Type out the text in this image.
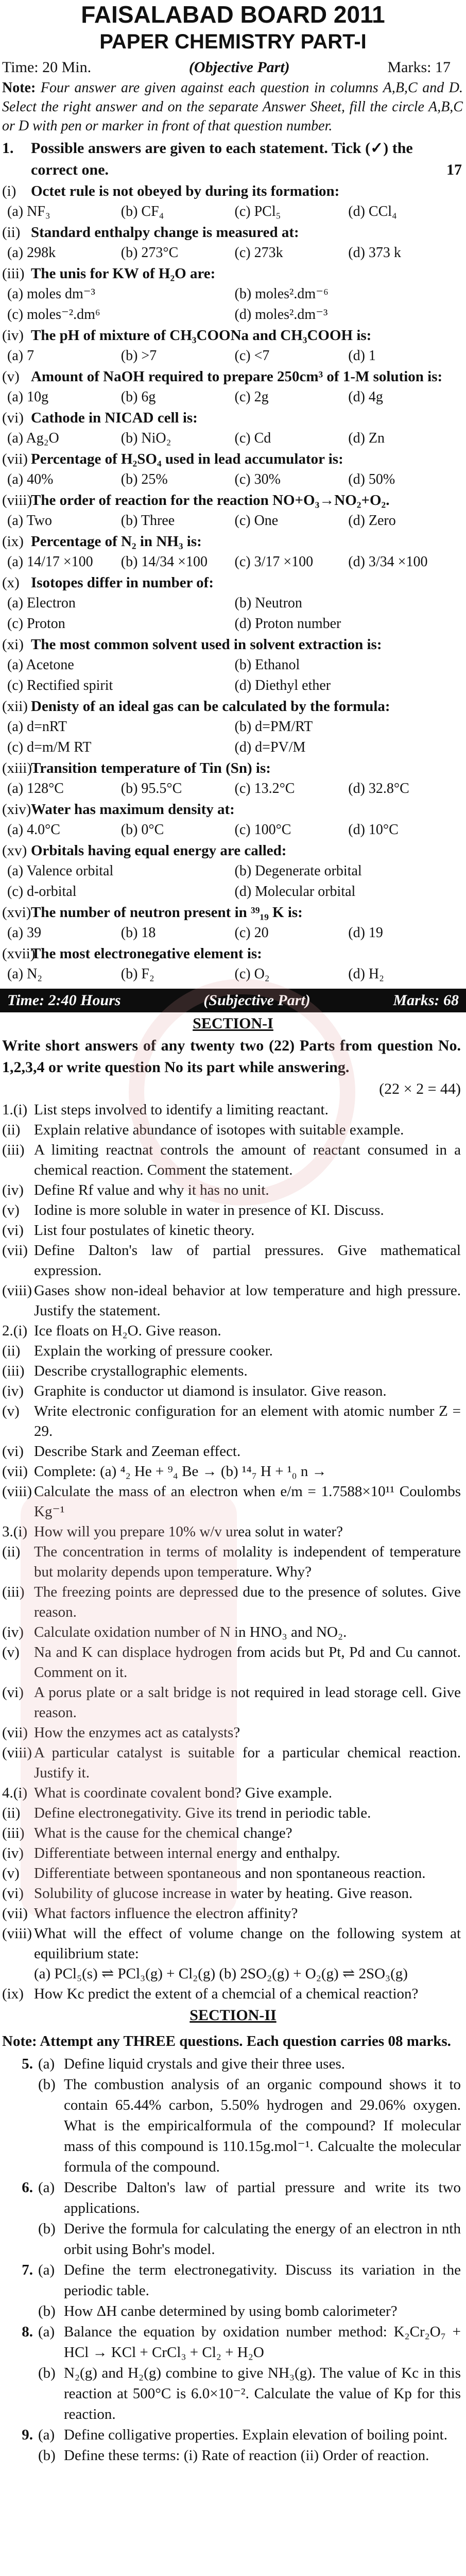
FAISALABAD BOARD 2011
PAPER CHEMISTRY PART-I
Time: 20 Min.	(Objective Part)	Marks: 17
Note: Four answer are given against each question in columns A,B,C and D. Select the right answer and on the separate Answer Sheet, fill the circle A,B,C or D with pen or marker in front of that question number.
1.	Possible answers are given to each statement. Tick (✓) the correct one.	17
(i) Octet rule is not obeyed by during its formation:
(a) NF₃	(b) CF₄	(c) PCl₅	(d) CCl₄
(ii) Standard enthalpy change is measured at:
(a) 298k	(b) 273°C	(c) 273k	(d) 373 k
(iii) The unis for KW of H₂O are:
(a) moles dm⁻³	(b) moles².dm⁻⁶
(c) moles⁻².dm⁶	(d) moles².dm⁻³
(iv) The pH of mixture of CH₃COONa and CH₃COOH is:
(a) 7	(b) >7	(c) <7	(d) 1
(v) Amount of NaOH required to prepare 250cm³ of 1-M solution is:
(a) 10g	(b) 6g	(c) 2g	(d) 4g
(vi) Cathode in NICAD cell is:
(a) Ag₂O	(b) NiO₂	(c) Cd	(d) Zn
(vii) Percentage of H₂SO₄ used in lead accumulator is:
(a) 40%	(b) 25%	(c) 30%	(d) 50%
(viii)
The order of reaction for the reaction NO+O₃→NO₂+O₂.
(a) Two	(b) Three	(c) One	(d) Zero
(ix) Percentage of N₂ in NH₃ is:
(a) 14/17 ×100	(b) 14/34 ×100	(c) 3/17 ×100	(d) 3/34 ×100
(x) Isotopes differ in number of:
(a) Electron	(b) Neutron
(c) Proton	(d) Proton number
(xi) The most common solvent used in solvent extraction is:
(a) Acetone	(b) Ethanol
(c) Rectified spirit	(d) Diethyl ether
(xii) Denisty of an ideal gas can be calculated by the formula:
(a) d=nRT	(b) d=PM/RT
(c) d=m/M RT	(d) d=PV/M
(xiii)
Transition temperature of Tin (Sn) is:
(a) 128°C	(b) 95.5°C	(c) 13.2°C	(d) 32.8°C
(xiv) Water has maximum density at:
(a) 4.0°C	(b) 0°C	(c) 100°C	(d) 10°C
(xv) Orbitals having equal energy are called:
(a) Valence orbital	(b) Degenerate orbital
(c) d-orbital	(d) Molecular orbital
(xvi) The number of neutron present in ³⁹₁₉ K is:
(a) 39	(b) 18	(c) 20	(d) 19
(xvii)
The most electronegative element is:
(a) N₂	(b) F₂	(c) O₂	(d) H₂
Time: 2:40 Hours	(Subjective Part)	Marks: 68
SECTION-I
Write short answers of any twenty two (22) Parts from question No. 1,2,3,4 or write question No its part while answering.
(22 × 2 = 44)
1.(i) List steps involved to identify a limiting reactant.
(ii) Explain relative abundance of isotopes with suitable example.
(iii) A limiting reactnat controls the amount of reactant consumed in a chemical reaction. Comment the statement.
(iv) Define Rf value and why it has no unit.
(v) Iodine is more soluble in water in presence of KI. Discuss.
(vi) List four postulates of kinetic theory.
(vii) Define Dalton's law of partial pressures. Give mathematical expression.
(viii) Gases show non-ideal behavior at low temperature and high pressure. Justify the statement.
2.(i) Ice floats on H₂O. Give reason.
(ii) Explain the working of pressure cooker.
(iii) Describe crystallographic elements.
(iv) Graphite is conductor ut diamond is insulator. Give reason.
(v) Write electronic configuration for an element with atomic number Z = 29.
(vi) Describe Stark and Zeeman effect.
(vii) Complete: (a) ⁴₂ He + ⁹₄ Be → (b) ¹⁴₇ H + ¹₀ n →
(viii) Calculate the mass of an electron when e/m = 1.7588×10¹¹ Coulombs Kg⁻¹
3.(i) How will you prepare 10% w/v urea solut in water?
(ii) The concentration in terms of molality is independent of temperature but molarity depends upon temperature. Why?
(iii) The freezing points are depressed due to the presence of solutes. Give reason.
(iv) Calculate oxidation number of N in HNO₃ and NO₂.
(v) Na and K can displace hydrogen from acids but Pt, Pd and Cu cannot. Comment on it.
(vi) A porus plate or a salt bridge is not required in lead storage cell. Give reason.
(vii) How the enzymes act as catalysts?
(viii) A particular catalyst is suitable for a particular chemical reaction. Justify it.
4.(i) What is coordinate covalent bond? Give example.
(ii) Define electronegativity. Give its trend in periodic table.
(iii) What is the cause for the chemical change?
(iv) Differentiate between internal energy and enthalpy.
(v) Differentiate between spontaneous and non spontaneous reaction.
(vi) Solubility of glucose increase in water by heating. Give reason.
(vii) What factors influence the electron affinity?
(viii) What will the effect of volume change on the following system at equilibrium state:
(a) PCl₅(s) ⇌ PCl₃(g) + Cl₂(g) (b) 2SO₂(g) + O₂(g) ⇌ 2SO₃(g)
(ix) How Kc predict the extent of a chemcial of a chemical reaction?
SECTION-II
Note: Attempt any THREE questions. Each question carries 08 marks.
5. (a) Define liquid crystals and give their three uses.
(b) The combustion analysis of an organic compound shows it to contain 65.44% carbon, 5.50% hydrogen and 29.06% oxygen. What is the empiricalformula of the compound? If molecular mass of this compound is 110.15g.mol⁻¹. Calcualte the molecular formula of the compound.
6. (a) Describe Dalton's law of partial pressure and write its two applications.
(b) Derive the formula for calculating the energy of an electron in nth orbit using Bohr's model.
7. (a) Define the term electronegativity. Discuss its variation in the periodic table.
(b) How ΔH canbe determined by using bomb calorimeter?
8. (a) Balance the equation by oxidation number method: K₂Cr₂O₇ + HCl → KCl + CrCl₃ + Cl₂ + H₂O
(b) N₂(g) and H₂(g) combine to give NH₃(g). The value of Kc in this reaction at 500°C is 6.0×10⁻². Calculate the value of Kp for this reaction.
9. (a) Define colligative properties. Explain elevation of boiling point.
(b) Define these terms: (i) Rate of reaction (ii) Order of reaction.
